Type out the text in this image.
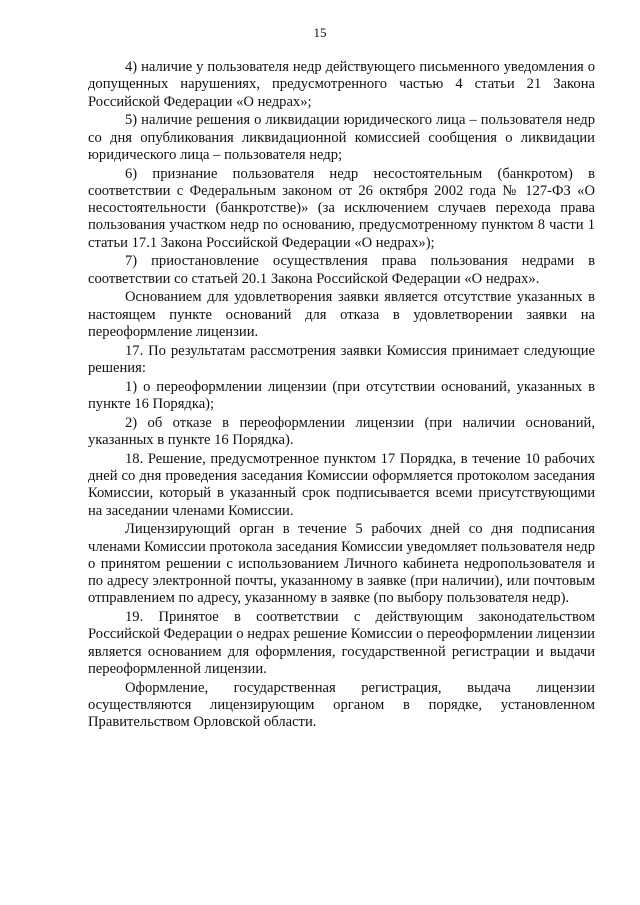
15

4) наличие у пользователя недр действующего письменного уведомления о допущенных нарушениях, предусмотренного частью 4 статьи 21 Закона Российской Федерации «О недрах»;

5) наличие решения о ликвидации юридического лица – пользователя недр со дня опубликования ликвидационной комиссией сообщения о ликвидации юридического лица – пользователя недр;

6) признание пользователя недр несостоятельным (банкротом) в соответствии с Федеральным законом от 26 октября 2002 года № 127-ФЗ «О несостоятельности (банкротстве)» (за исключением случаев перехода права пользования участком недр по основанию, предусмотренному пунктом 8 части 1 статьи 17.1 Закона Российской Федерации «О недрах»);

7) приостановление осуществления права пользования недрами в соответствии со статьей 20.1 Закона Российской Федерации «О недрах».

Основанием для удовлетворения заявки является отсутствие указанных в настоящем пункте оснований для отказа в удовлетворении заявки на переоформление лицензии.

17. По результатам рассмотрения заявки Комиссия принимает следующие решения:

1) о переоформлении лицензии (при отсутствии оснований, указанных в пункте 16 Порядка);

2) об отказе в переоформлении лицензии (при наличии оснований, указанных в пункте 16 Порядка).

18. Решение, предусмотренное пунктом 17 Порядка, в течение 10 рабочих дней со дня проведения заседания Комиссии оформляется протоколом заседания Комиссии, который в указанный срок подписывается всеми присутствующими на заседании членами Комиссии.

Лицензирующий орган в течение 5 рабочих дней со дня подписания членами Комиссии протокола заседания Комиссии уведомляет пользователя недр о принятом решении с использованием Личного кабинета недропользователя и по адресу электронной почты, указанному в заявке (при наличии), или почтовым отправлением по адресу, указанному в заявке (по выбору пользователя недр).

19. Принятое в соответствии с действующим законодательством Российской Федерации о недрах решение Комиссии о переоформлении лицензии является основанием для оформления, государственной регистрации и выдачи переоформленной лицензии.

Оформление, государственная регистрация, выдача лицензии осуществляются лицензирующим органом в порядке, установленном Правительством Орловской области.
